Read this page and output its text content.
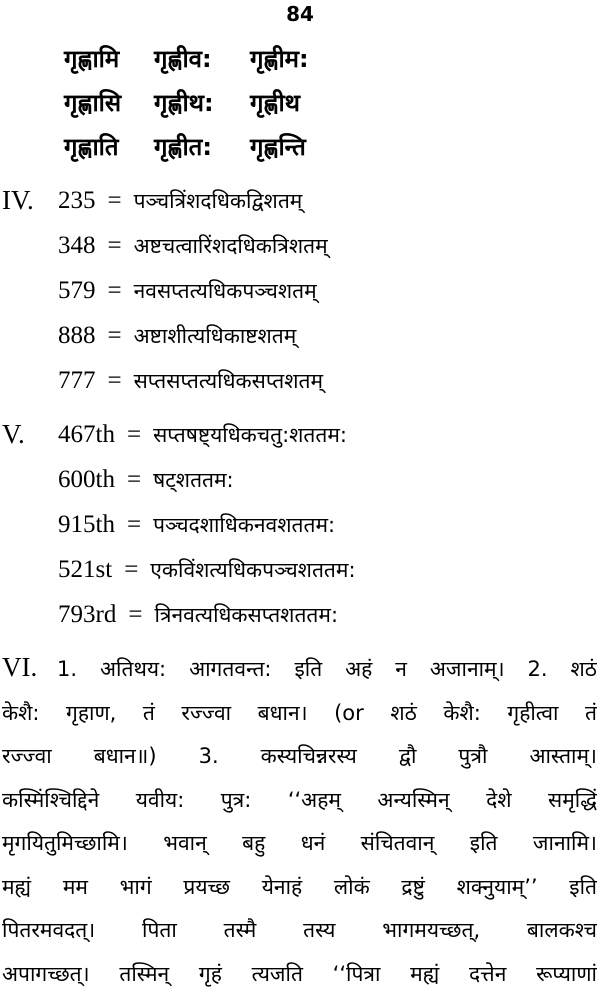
84
गृह्णामि	गृह्णीव:	गृह्णीम:
गृह्णासि	गृह्णीथ:	गृह्णीथ
गृह्णाति	गृह्णीत:	गृह्णन्ति
IV. 235 = पञ्चत्रिंशदधिकद्विशतम्
348 = अष्टचत्वारिंशदधिकत्रिशतम्
579 = नवसप्तत्यधिकपञ्चशतम्
888 = अष्टाशीत्यधिकाष्टशतम्
777 = सप्तसप्तत्यधिकसप्तशतम्
V. 467th = सप्तषष्ट्यधिकचतु:शततम:
600th = षट्शततम:
915th = पञ्चदशाधिकनवशततम:
521st = एकविंशत्यधिकपञ्चशततम:
793rd = त्रिनवत्यधिकसप्तशततम:
VI. 1. अतिथय: आगतवन्त: इति अहं न अजानाम्। 2. शठं
केशै: गृहाण, तं रज्ज्वा बधान। (or शठं केशै: गृहीत्वा तं
रज्ज्वा बधान॥) 3. कस्यचिन्नरस्य द्वौ पुत्रौ आस्ताम्।
कस्मिंश्चिद्दिने यवीय: पुत्र: ‘‘अहम् अन्यस्मिन् देशे समृद्धिं
मृगयितुमिच्छामि। भवान् बहु धनं संचितवान् इति जानामि।
मह्यं मम भागं प्रयच्छ येनाहं लोकं द्रष्टुं शक्नुयाम्’’ इति
पितरमवदत्। पिता तस्मै तस्य भागमयच्छत्, बालकश्च
अपागच्छत्। तस्मिन् गृहं त्यजति ‘‘पित्रा मह्यं दत्तेन रूप्याणां
